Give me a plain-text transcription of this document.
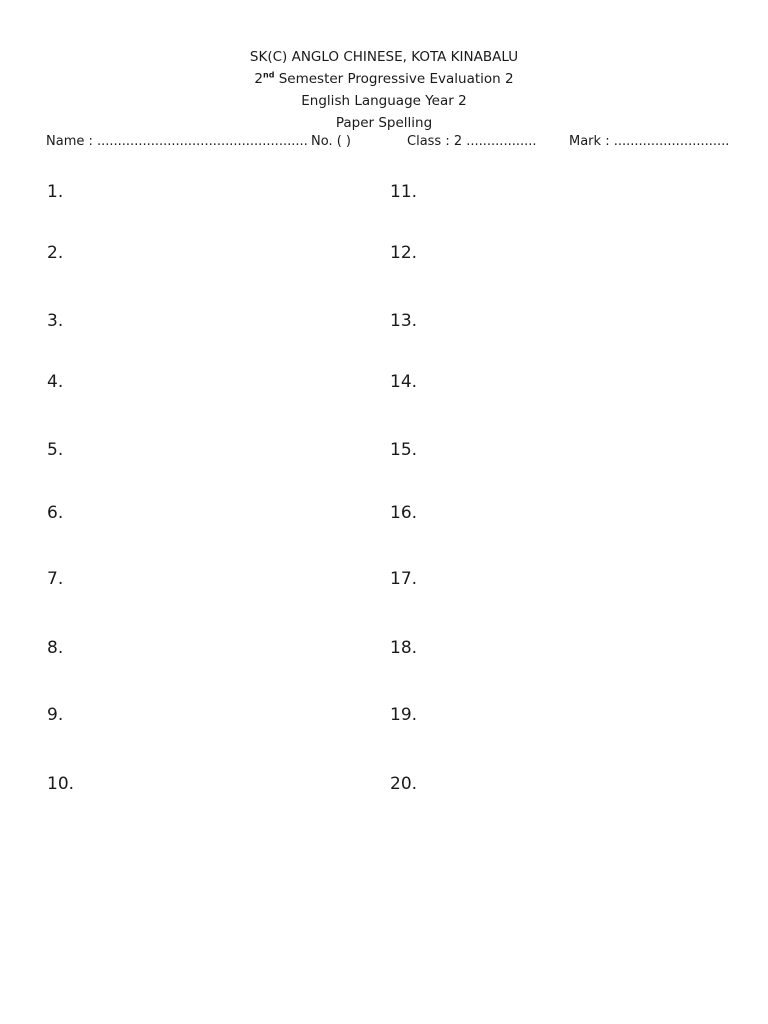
SK(C) ANGLO CHINESE, KOTA KINABALU
2nd Semester Progressive Evaluation 2
English Language Year 2
Paper Spelling
Name : ................................................... No. ( )	Class : 2 .................	Mark : ............................
1.
2.
3.
4.
5.
6.
7.
8.
9.
10.
11.
12.
13.
14.
15.
16.
17.
18.
19.
20.
